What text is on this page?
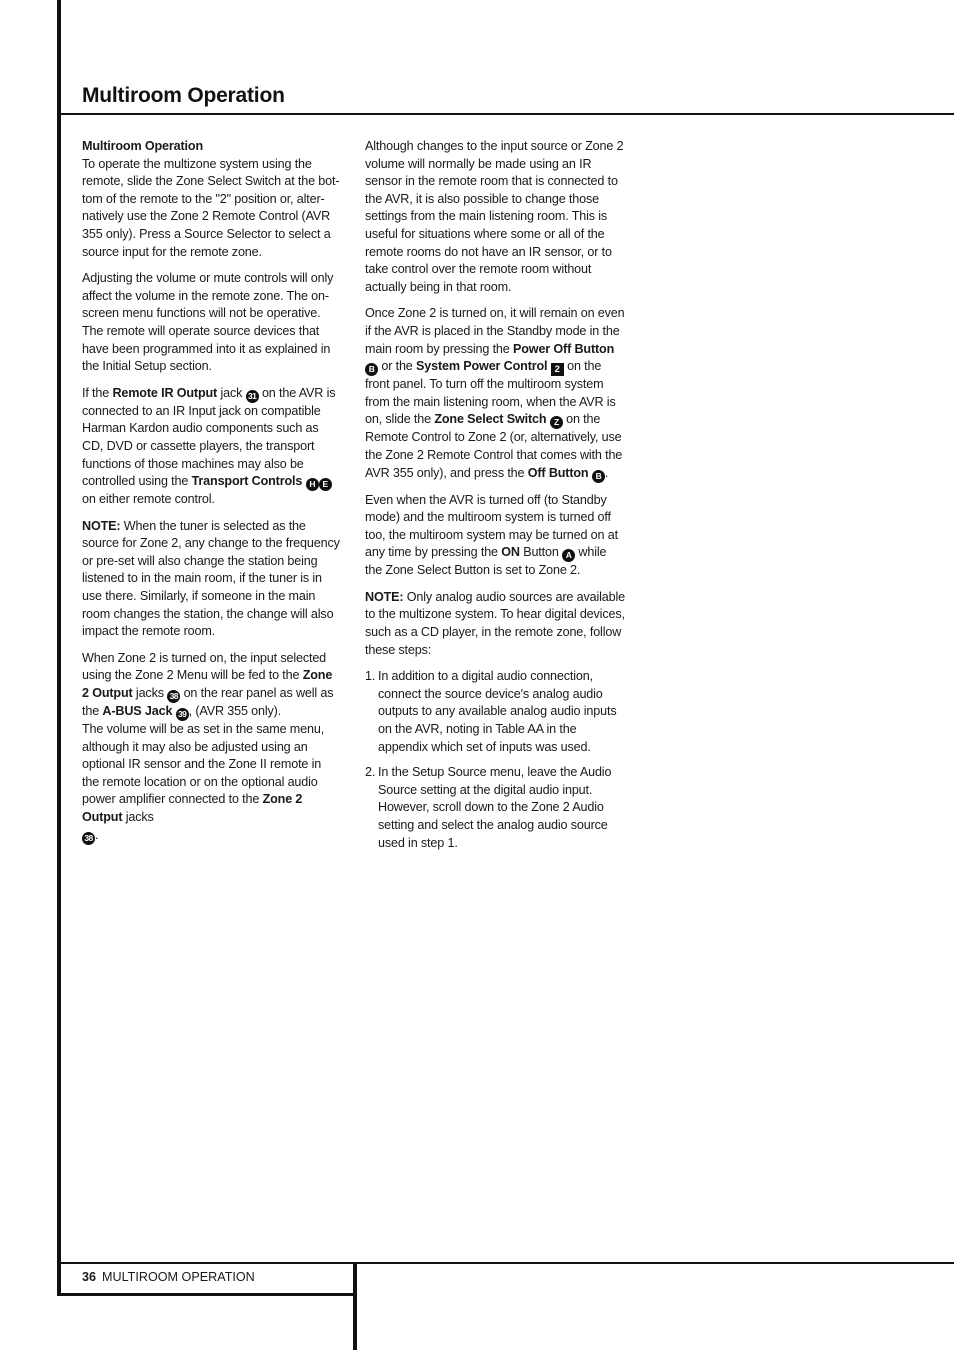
Multiroom Operation
Multiroom Operation

To operate the multizone system using the remote, slide the Zone Select Switch at the bot-tom of the remote to the "2" position or, alter-natively use the Zone 2 Remote Control (AVR 355 only). Press a Source Selector to select a source input for the remote zone.

Adjusting the volume or mute controls will only affect the volume in the remote zone. The on-screen menu functions will not be operative. The remote will operate source devices that have been programmed into it as explained in the Initial Setup section.

If the Remote IR Output jack 31 on the AVR is connected to an IR Input jack on compatible Harman Kardon audio components such as CD, DVD or cassette players, the transport functions of those machines may also be controlled using the Transport Controls H E on either remote control.

NOTE: When the tuner is selected as the source for Zone 2, any change to the frequency or pre-set will also change the station being listened to in the main room, if the tuner is in use there. Similarly, if someone in the main room changes the station, the change will also impact the remote room.

When Zone 2 is turned on, the input selected using the Zone 2 Menu will be fed to the Zone 2 Output jacks 38 on the rear panel as well as the A-BUS Jack 39 , (AVR 355 only).
The volume will be as set in the same menu, although it may also be adjusted using an optional IR sensor and the Zone II remote in the remote location or on the optional audio power amplifier connected to the Zone 2 Output jacks
38 .

Although changes to the input source or Zone 2 volume will normally be made using an IR sensor in the remote room that is connected to the AVR, it is also possible to change those settings from the main listening room. This is useful for situations where some or all of the remote rooms do not have an IR sensor, or to take control over the remote room without actually being in that room.

Once Zone 2 is turned on, it will remain on even if the AVR is placed in the Standby mode in the main room by pressing the Power Off Button B or the System Power Control 2 on the front panel. To turn off the multiroom system from the main listening room, when the AVR is on, slide the Zone Select Switch Z on the Remote Control to Zone 2 (or, alternatively, use the Zone 2 Remote Control that comes with the AVR 355 only), and press the Off Button B .

Even when the AVR is turned off (to Standby mode) and the multiroom system is turned off too, the multiroom system may be turned on at any time by pressing the ON Button A while the Zone Select Button is set to Zone 2.

NOTE: Only analog audio sources are available to the multizone system. To hear digital devices, such as a CD player, in the remote zone, follow these steps:

1. In addition to a digital audio connection, connect the source device's analog audio outputs to any available analog audio inputs on the AVR, noting in Table AA in the appendix which set of inputs was used.
2. In the Setup Source menu, leave the Audio Source setting at the digital audio input. However, scroll down to the Zone 2 Audio setting and select the analog audio source used in step 1.
36 MULTIROOM OPERATION
